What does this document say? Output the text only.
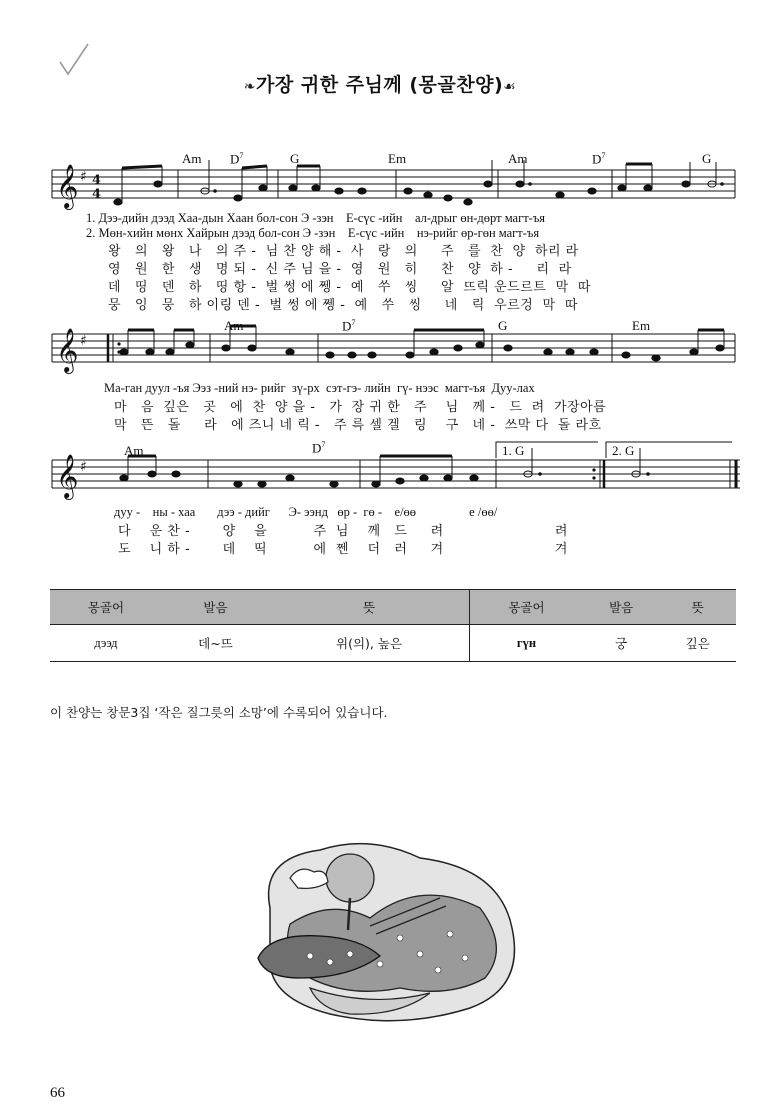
❧가장 귀한 주님께 (몽골찬양)☙
𝄞
𝄞
𝄞
♯
♯
♯
4
4
Am $D^7$	G	Em	Am	$D^7$	G
1. Дээ-дийн дээд Хаа-дын Хаан бол-сон Э -зэн    Е-сүс -ийн    ал-дрыг өн-дөрт магт-ъя
2. Мөн-хийн мөнх Хайрын дээд бол-сон Э -зэн    Е-сүс -ийн    нэ-рийг өр-гөн магт-ъя
왕   의   왕   나   의 주 -  님 찬 양 해 -  사   랑   의     주   를  찬  양  하리 라
영   원   한   생   명 되 -  신 주 님 을 -  영   원   히     찬   양  하 -     리  라
데   띵   덴   하   띵 항 -  벌 썽 에 쩽 -  예   쑤   씽     알  뜨릭 운드르트  막  따
뭉   잉   뭉   하 이링 덴 -  벌 썽 에 쩽 -  예   쑤   씽     네   릭  우르겅  막  따
Am	$D^7$	G	Em
Ма-ган дуул -ъя Ээз -ний нэ- рийг  зү-рх  сэт-гэ- лийн  гү- нээс  магт-ъя  Дуу-лах
마   음  깊은   곳   에  찬  양 을 -   가  장 귀 한   주    님   께 -   드  려  가장아름
막   뜬   돌     라   에 즈니 네 릭 -   주 륵 셀 겔   링    구   네 -  쓰막 다  돌 라흐
Am	$D^7$	1. G	2. G
дуу -    ны - хаа       дээ - дийг      Э- ээнд   өр -  гө -    е/өө                 е /өө/
다    운 찬 -       양    을          주  님    께   드     려                        려
도    니 하 -       데    띡          에  쩬    더   러     겨                        겨
몽골어	발음	뜻	몽골어	발음	뜻
дээд	데~뜨	위(의), 높은	гүн	궁	깊은
이 찬양는 창문3집 ‘작은 질그릇의 소망’에 수록되어 있습니다.
66
